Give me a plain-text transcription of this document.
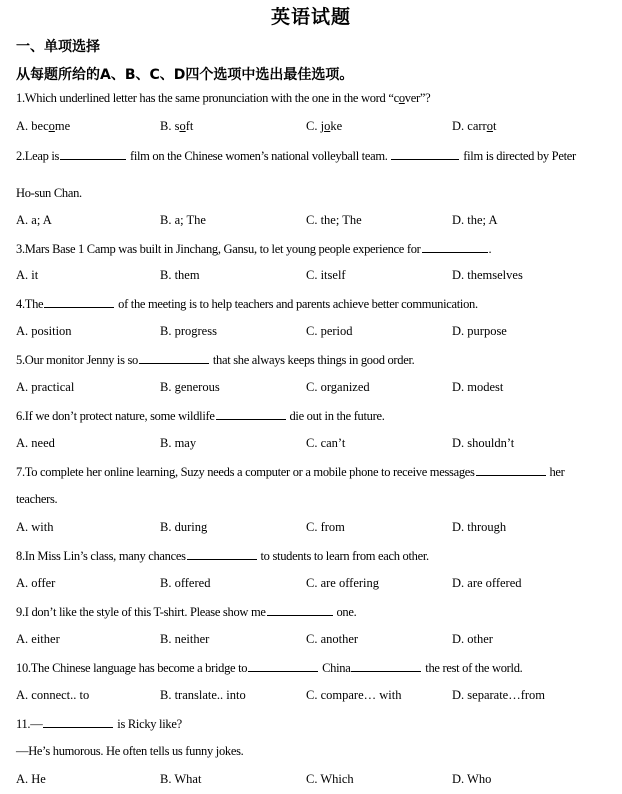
英语试题
一、单项选择
从每题所给的A、B、C、D四个选项中选出最佳选项。
1.Which underlined letter has the same pronunciation with the one in the word “cover”?
A. become	B. soft	C. joke	D. carrot
2.Leap is	film on the Chinese women’s national volleyball team.	film is directed by Peter
Ho-sun Chan.
A. a; A	B. a; The	C. the; The	D. the; A
3.Mars Base 1 Camp was built in Jinchang, Gansu, to let young people experience for	.
A. it	B. them	C. itself	D. themselves
4.The	of the meeting is to help teachers and parents achieve better communication.
A. position	B. progress	C. period	D. purpose
5.Our monitor Jenny is so	that she always keeps things in good order.
A. practical	B. generous	C. organized	D. modest
6.If we don’t protect nature, some wildlife	die out in the future.
A. need	B. may	C. can’t	D. shouldn’t
7.To complete her online learning, Suzy needs a computer or a mobile phone to receive messages	her
teachers.
A. with	B. during	C. from	D. through
8.In Miss Lin’s class, many chances	to students to learn from each other.
A. offer	B. offered	C. are offering	D. are offered
9.I don’t like the style of this T-shirt. Please show me	one.
A. either	B. neither	C. another	D. other
10.The Chinese language has become a bridge to	China	the rest of the world.
A. connect.. to	B. translate.. into	C. compare… with	D. separate…from
11.—	is Ricky like?
—He’s humorous. He often tells us funny jokes.
A. He	B. What	C. Which	D. Who
